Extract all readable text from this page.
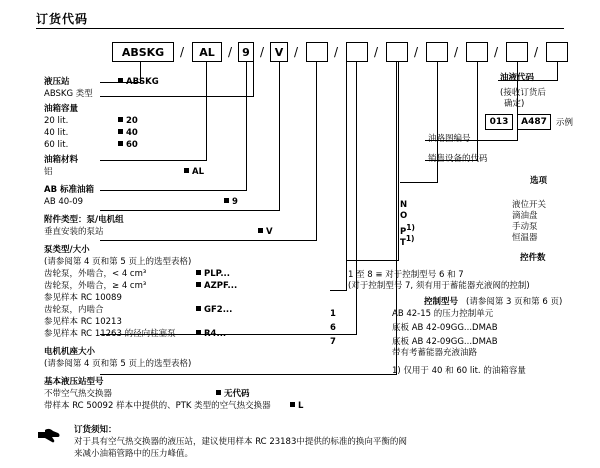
订货代码
ABSKG	/	AL	/ 9 / V /	/	/	/	/	/	/
液压站	ABSKG
ABSKG 类型
油箱容量
20 lit.	20
40 lit.	40
60 lit.	60
油箱材料
铝	AL
AB 标准油箱
AB 40-09	9
附件类型：泵/电机组
垂直安装的泵站	V
泵类型/大小
(请参阅第 4 页和第 5 页上的选型表格)
齿轮泵，外啮合，< 4 cm³	PLP...
齿轮泵，外啮合，≥ 4 cm³	AZPF...
参见样本 RC 10089
齿轮泵，内啮合	GF2...
参见样本 RC 10213
参见样本 RC 11263 的径向柱塞泵	R4...
电机机座大小
(请参阅第 4 页和第 5 页上的选型表格)
基本液压站型号
不带空气热交换器	无代码
带样本 RC 50092 样本中提供的、PTK 类型的空气热交换器	L
油液代码
(接收订货后
确定)
013	A487	示例
油路图编号
销售设备的代码
选项
N	液位开关
O	滴油盘
$P^{1)}$	手动泵
$T^{1)}$	恒温器
控件数
1 至 8 ≡ 对于控制型号 6 和 7
(对于控制型号 7, 须有用于蓄能器充液阀的控制)
控制型号 (请参阅第 3 页和第 6 页)
1	AB 42-15 的压力控制单元
6	底板 AB 42-09GG...DMAB
7	底板 AB 42-09GG...DMAB
带有考蓄能器充液油路
1) 仅用于 40 和 60 lit. 的油箱容量
订货须知：
对于具有空气热交换器的液压站，建议使用样本 RC 23183中提供的标准的换向平衡的阀
来减小油箱管路中的压力峰值。
